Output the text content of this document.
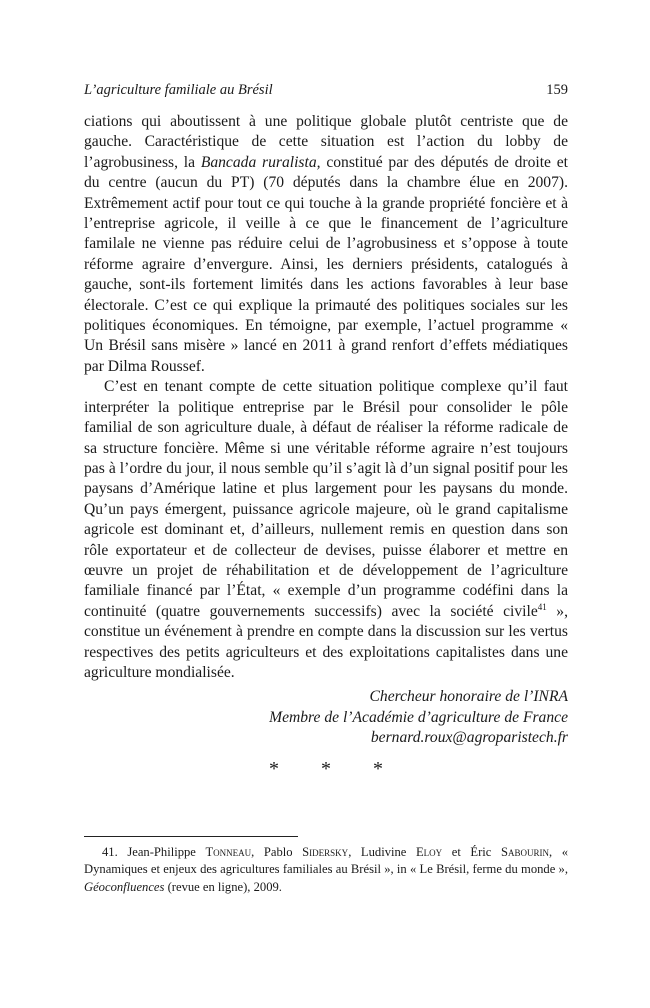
L’agriculture familiale au Brésil	159

ciations qui aboutissent à une politique globale plutôt centriste que de gauche. Caractéristique de cette situation est l’action du lobby de l’agrobusiness, la Bancada ruralista, constitué par des députés de droite et du centre (aucun du PT) (70 députés dans la chambre élue en 2007). Extrêmement actif pour tout ce qui touche à la grande propriété foncière et à l’entreprise agricole, il veille à ce que le financement de l’agriculture familale ne vienne pas réduire celui de l’agrobusiness et s’oppose à toute réforme agraire d’envergure. Ainsi, les derniers présidents, catalogués à gauche, sont-ils fortement limités dans les actions favorables à leur base électorale. C’est ce qui explique la primauté des politiques sociales sur les politiques économiques. En témoigne, par exemple, l’actuel programme « Un Brésil sans misère » lancé en 2011 à grand renfort d’effets médiatiques par Dilma Roussef.

C’est en tenant compte de cette situation politique complexe qu’il faut interpréter la politique entreprise par le Brésil pour consolider le pôle familial de son agriculture duale, à défaut de réaliser la réforme radicale de sa structure foncière. Même si une véritable réforme agraire n’est toujours pas à l’ordre du jour, il nous semble qu’il s’agit là d’un signal positif pour les paysans d’Amérique latine et plus largement pour les paysans du monde. Qu’un pays émergent, puissance agricole majeure, où le grand capitalisme agricole est dominant et, d’ailleurs, nullement remis en question dans son rôle exportateur et de collecteur de devises, puisse élaborer et mettre en œuvre un projet de réhabilitation et de développement de l’agriculture familiale financé par l’État, « exemple d’un programme codéfini dans la continuité (quatre gouvernements successifs) avec la société civile$^{41}$ », constitue un événement à prendre en compte dans la discussion sur les vertus respectives des petits agriculteurs et des exploitations capitalistes dans une agriculture mondialisée.

Chercheur honoraire de l’INRA
Membre de l’Académie d’agriculture de France
bernard.roux@agroparistech.fr
* * *

41. Jean-Philippe Tonneau, Pablo Sidersky, Ludivine Eloy et Éric Sabourin, « Dynamiques et enjeux des agricultures familiales au Brésil », in « Le Brésil, ferme du monde », Géoconfluences (revue en ligne), 2009.
